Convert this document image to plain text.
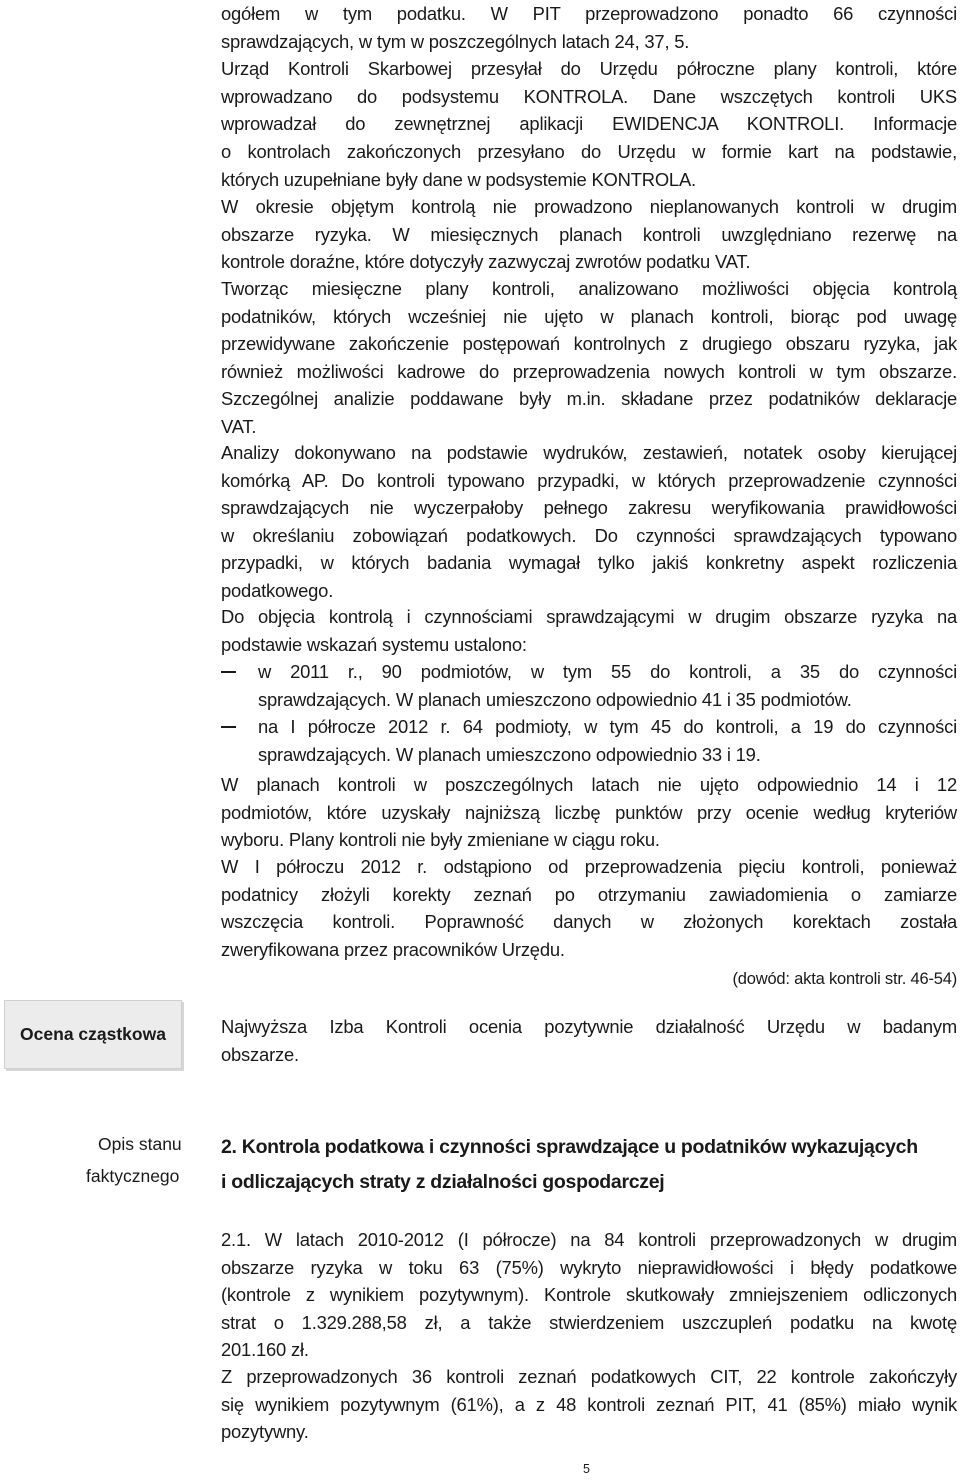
ogółem w tym podatku. W PIT przeprowadzono ponadto 66 czynności
sprawdzających, w tym w poszczególnych latach 24, 37, 5.
Urząd Kontroli Skarbowej przesyłał do Urzędu półroczne plany kontroli, które
wprowadzano do podsystemu KONTROLA. Dane wszczętych kontroli UKS
wprowadzał do zewnętrznej aplikacji EWIDENCJA KONTROLI. Informacje
o kontrolach zakończonych przesyłano do Urzędu w formie kart na podstawie,
których uzupełniane były dane w podsystemie KONTROLA.
W okresie objętym kontrolą nie prowadzono nieplanowanych kontroli w drugim
obszarze ryzyka. W miesięcznych planach kontroli uwzględniano rezerwę na
kontrole doraźne, które dotyczyły zazwyczaj zwrotów podatku VAT.
Tworząc miesięczne plany kontroli, analizowano możliwości objęcia kontrolą
podatników, których wcześniej nie ujęto w planach kontroli, biorąc pod uwagę
przewidywane zakończenie postępowań kontrolnych z drugiego obszaru ryzyka, jak
również możliwości kadrowe do przeprowadzenia nowych kontroli w tym obszarze.
Szczególnej analizie poddawane były m.in. składane przez podatników deklaracje
VAT.
Analizy dokonywano na podstawie wydruków, zestawień, notatek osoby kierującej
komórką AP. Do kontroli typowano przypadki, w których przeprowadzenie czynności
sprawdzających nie wyczerpałoby pełnego zakresu weryfikowania prawidłowości
w określaniu zobowiązań podatkowych. Do czynności sprawdzających typowano
przypadki, w których badania wymagał tylko jakiś konkretny aspekt rozliczenia
podatkowego.
Do objęcia kontrolą i czynnościami sprawdzającymi w drugim obszarze ryzyka na
podstawie wskazań systemu ustalono:
w 2011 r., 90 podmiotów, w tym 55 do kontroli, a 35 do czynności
sprawdzających. W planach umieszczono odpowiednio 41 i 35 podmiotów.
na I półrocze 2012 r. 64 podmioty, w tym 45 do kontroli, a 19 do czynności
sprawdzających. W planach umieszczono odpowiednio 33 i 19.
W planach kontroli w poszczególnych latach nie ujęto odpowiednio 14 i 12
podmiotów, które uzyskały najniższą liczbę punktów przy ocenie według kryteriów
wyboru. Plany kontroli nie były zmieniane w ciągu roku.
W I półroczu 2012 r. odstąpiono od przeprowadzenia pięciu kontroli, ponieważ
podatnicy złożyli korekty zeznań po otrzymaniu zawiadomienia o zamiarze
wszczęcia kontroli. Poprawność danych w złożonych korektach została
zweryfikowana przez pracowników Urzędu.

(dowód: akta kontroli str. 46-54)

Ocena cząstkowa	Najwyższa Izba Kontroli ocenia pozytywnie działalność Urzędu w badanym
obszarze.
Opis stanu
faktycznego
2. Kontrola podatkowa i czynności sprawdzające u podatników wykazujących
i odliczających straty z działalności gospodarczej
2.1. W latach 2010-2012 (I półrocze) na 84 kontroli przeprowadzonych w drugim
obszarze ryzyka w toku 63 (75%) wykryto nieprawidłowości i błędy podatkowe
(kontrole z wynikiem pozytywnym). Kontrole skutkowały zmniejszeniem odliczonych
strat o 1.329.288,58 zł, a także stwierdzeniem uszczupleń podatku na kwotę
201.160 zł.
Z przeprowadzonych 36 kontroli zeznań podatkowych CIT, 22 kontrole zakończyły
się wynikiem pozytywnym (61%), a z 48 kontroli zeznań PIT, 41 (85%) miało wynik
pozytywny.
5
